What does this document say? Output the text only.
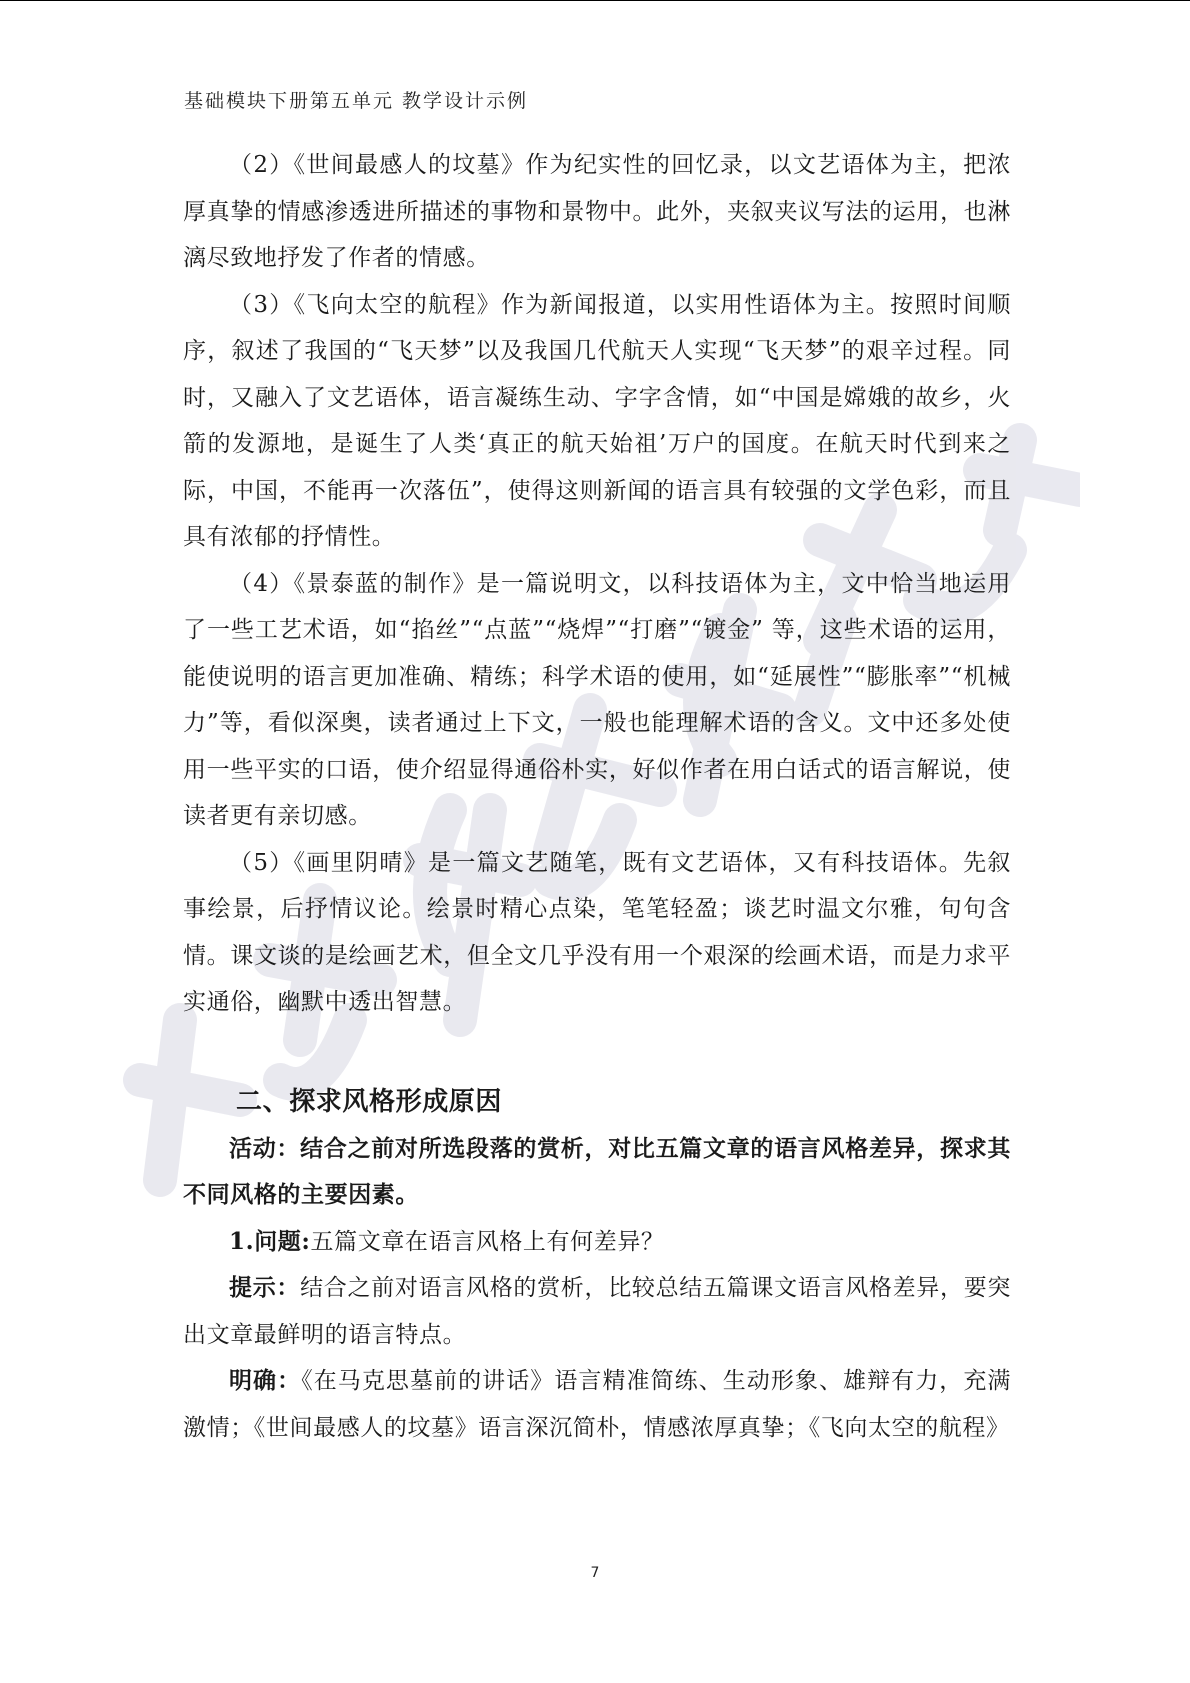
基础模块下册第五单元 教学设计示例

（2）《世间最感人的坟墓》作为纪实性的回忆录，以文艺语体为主，把浓厚真挚的情感渗透进所描述的事物和景物中。此外，夹叙夹议写法的运用，也淋漓尽致地抒发了作者的情感。

（3）《飞向太空的航程》作为新闻报道，以实用性语体为主。按照时间顺序，叙述了我国的“飞天梦”以及我国几代航天人实现“飞天梦”的艰辛过程。同时，又融入了文艺语体，语言凝练生动、字字含情，如“中国是嫦娥的故乡，火箭的发源地，是诞生了人类‘真正的航天始祖’万户的国度。在航天时代到来之际，中国，不能再一次落伍”，使得这则新闻的语言具有较强的文学色彩，而且具有浓郁的抒情性。

（4）《景泰蓝的制作》是一篇说明文，以科技语体为主，文中恰当地运用了一些工艺术语，如“掐丝”“点蓝”“烧焊”“打磨”“镀金” 等，这些术语的运用，能使说明的语言更加准确、精练；科学术语的使用，如“延展性”“膨胀率”“机械力”等，看似深奥，读者通过上下文，一般也能理解术语的含义。文中还多处使用一些平实的口语，使介绍显得通俗朴实，好似作者在用白话式的语言解说，使读者更有亲切感。

（5）《画里阴晴》是一篇文艺随笔，既有文艺语体，又有科技语体。先叙事绘景，后抒情议论。绘景时精心点染，笔笔轻盈；谈艺时温文尔雅，句句含情。课文谈的是绘画艺术，但全文几乎没有用一个艰深的绘画术语，而是力求平实通俗，幽默中透出智慧。

二、探求风格形成原因

活动：结合之前对所选段落的赏析，对比五篇文章的语言风格差异，探求其不同风格的主要因素。

1.问题:五篇文章在语言风格上有何差异？

提示：结合之前对语言风格的赏析，比较总结五篇课文语言风格差异，要突出文章最鲜明的语言特点。

明确：《在马克思墓前的讲话》语言精准简练、生动形象、雄辩有力，充满激情；《世间最感人的坟墓》语言深沉简朴，情感浓厚真挚；《飞向太空的航程》

7
